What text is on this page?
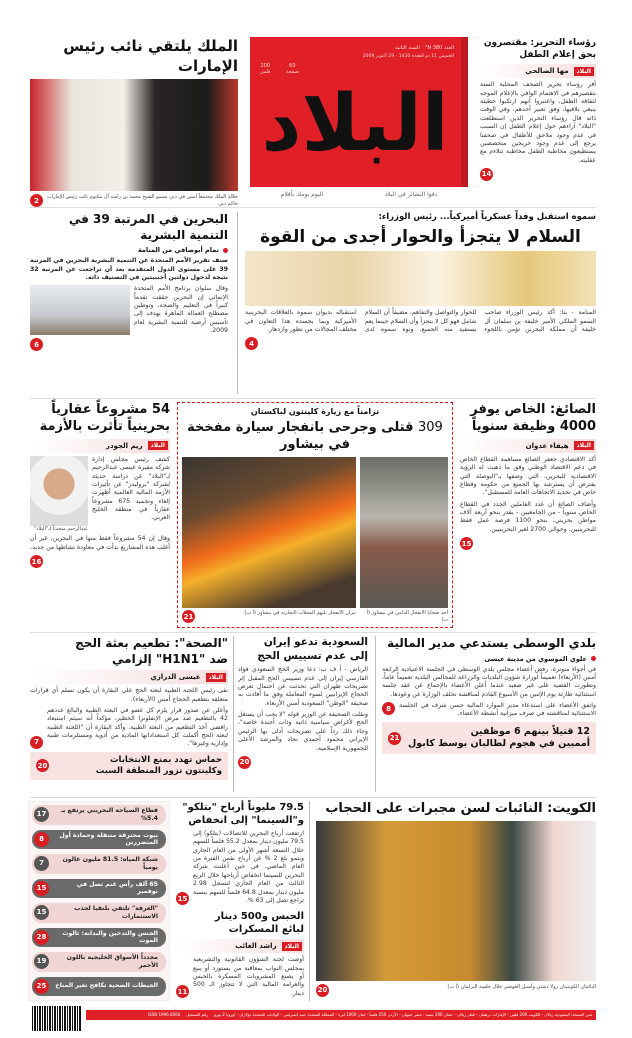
الملك يلتقي نائب رئيس الإمارات
جلالة الملك مجتمعاً أمس في دبي بسمو الشيخ محمد بن راشد آل مكتوم نائب رئيس الإمارات حاكم دبي
2
العدد 380 N°
السنة الثانية
الخميس 11 ذو القعدة 1430 - 29 أكتوبر 2009
60
صفحة
200
فلس
البلاد
دقوا البشائر في البلاد
اليوم يومك بأقلام
رؤساء التحرير: مقتصرون
بحق إعلام الطفل
البلاد
مها الصالحي
أقر رؤساء تحرير الصحف المحلية الستة بتقصيرهم في الاهتمام الوافي بالإعلام الموجه لثقافة الطفل، واعتبروا أنهم ارتكبوا خطيئة ينبغي تلافيها، وفق تعبير أحدهم. وفي الوقت ذاته قال رؤساء التحرير الذين استطلعت "البلاد" آراءهم حول إعلام الطفل إن السبب في عدم وجود ملاحق للأطفال في صحفنا يرجع إلى عدم وجود خريجين متخصصين يستطيعون مخاطبة الطفل مخاطبة تتلاءم مع عقليته.
14
البحرين في المرتبة 39 في التنمية البشرية
تمام أبوصافي من المنامة
صنف تقرير الأمم المتحدة عن التنمية البشرية البحرين في المرتبة 39 على مستوى الدول المتقدمة بعد أن تراجعت عن المرتبة 32 نتيجة لدخول دولتين أجنبيتين في التصنيف ذاته.
وقال سلوان برنامج الأمم المتحدة الإنمائي إن البحرين حققت تقدماً كبيراً في التعليم والصحة، وتوطين مصطلح العمالة الماهرة يهدف إلى تأسيس أرضية للتنمية البشرية لعام 2009.
6
سموه استقبل وفداً عسكرياً أميركياً... رئيس الوزراء:
السلام لا يتجزأ والحوار أجدى من القوة
المنامة - بنا: أكد رئيس الوزراء صاحب السمو الملكي الأمير خليفة بن سلمان آل خليفة أن مملكة البحرين تؤمن باللجوء للحوار والتواصل والتفاهم، مضيفاً أن السلام شامل فهو كل لا يتجزأ وأن السلام حينما يعم يستفيد منه الجميع. ونوه سموه لدى استقباله بديوان سموه بالعلاقات البحرينية الأميركية وبما يجسده هذا التعاون في مختلف المجالات من تطور وازدهار.
4
54 مشروعاً عقارياً بحرينياً تأثرت بالأزمة
البلاد
ريم الجودر
كشف رئيس مجلس إدارة شركة مقيرة عيسى عبدالرحيم لـ"البلاد" عن دراسة حديثة لشركة "بروليدز" عن تأثيرات الأزمة المالية العالمية أظهرت إلغاء وتجميد 675 مشروعاً عقارياً في منطقة الخليج العربي.
عبدالرحيم متحدثاً لـ"البلاد"
وقال إن 54 مشروعاً فقط منها في البحرين، غير أن أغلب هذه المشاريع بدأت في معاودة نشاطها من جديد.
16
تزامناً مع زيارة كلينتون لباكستان
309 قتلى وجرحى بانفجار سيارة مفخخة في بيشاور
أحد ضحايا الانفجار الدامي في بيشاور (أ ب)
نيران الانفجار تلتهم المحلات التجارية في بيشاور (أ ب)
21
الصائغ: الخاص يوفر
4000 وظيفة سنوياً
البلاد
هيفاء عدوان
أكد الاقتصادي جعفر الصائغ مساهمة القطاع الخاص في دعم الاقتصاد الوطني وفق ما ذهبت له الرؤية الاقتصادية للبحرين، التي وصفها بـ"البوصلة التي يفترض أن يسترشد بها الجميع من حكومة وقطاع خاص في تحديد الاتجاهات العامة للمستقبل".
وأضاف الصائغ أن عدد العاملين الجدد في القطاع الخاص سنوياً - من الجامعيين - يقدر بنحو أربعة آلاف مواطن بحريني، بنحو 1100 فرصة عمل فقط للبحرينيين، وحوالي 2700 لغير البحرينيين.
15
بلدي الوسطى يستدعي مدير المالية
علوي الموسوي من مدينة عيسى
في أجواء متوترة، رفض أعضاء مجلس بلدي الوسطى في الجلسة الاعتيادية الرابعة أمس (الأربعاء) تعميماً لوزارة شؤون البلديات والزراعة للمجالس البلدية تعميماً عاماً، وتطورت القضية على غير صعيد عندما أعلن الأعضاء بالإجماع عن عقد جلسة استثنائية طارئة يوم الإثنين من الأسبوع القادم لمناقشة تخلف الوزارة عن وعودها.
واتفق الأعضاء على استدعاء مدير الموارد المالية حسن شرف في الجلسة الاستثنائية لمناقشته في صرف ميزانية أنشطة الأعضاء.
8
12 قتيلاً بينهم 6 موظفين
أمميين في هجوم لطالبان بوسط كابول
21
السعودية تدعو إيران
إلى عدم تسييس الحج
الرياض - أ ف ب: دعا وزير الحج السعودي فؤاد الفارسي إيران إلى عدم تسييس الحج المقبل إثر تصريحات طهران التي تحدثت عن احتمال تعرض الحجاج الإيرانيين لسوء المعاملة وفق ما أفادت به صحيفة "الوطن" السعودية أمس الأربعاء.
ونقلت الصحيفة عن الوزير قوله "لا يجب أن يستغل الحج لأغراض سياسية ذاتية وذات أجندة خاصة"، وجاء ذلك رداً على تصريحات أدلى بها الرئيس الإيراني محمود أحمدي نجاد والمرشد الأعلى للجمهورية الإسلامية.
20
"الصحة": تطعيم بعثة الحج
ضد "H1N1" إلزامي
البلاد
عيسى الدرازي
نفى رئيس اللجنة الطبية لبعثة الحج علي البقارة أن يكون تسلم أي قرارات متعلقة بتطعيم الحجاج أمس (الأربعاء).
وأعلن عن صدور قرار يلزم كل عضو في البعثة الطبية والبالغ عددهم 42 بالتطعيم ضد مرض الإنفلونزا الخطير، مؤكداً أنه سيتم استبعاد رافضي أخذ التطعيم من البعثة الطبية. وأكد البقارة أن "اللجنة الطبية لبعثة الحج أكملت كل استعداداتها المادية من أدوية ومستلزمات طبية وإدارية وغيرها".
7
حماس تهدد بمنع الانتخابات
وكلينتون تزور المنطقة السبت
20
الكويت: النائبات لسن مجبرات على الحجاب
النائبتان الكويتيتان رولا دشتي وأسيل العوضي خلال جلسة البرلمان (أ ب)
20
79.5 مليوناً أرباح "بتلكو"
و"السينما" إلى انخفاض
ارتفعت أرباح البحرين للاتصالات (بتلكو) إلى 79.5 مليون دينار بمعدل 55.2 فلساً للسهم خلال التسعة أشهر الأولى من العام الجاري وبنمو بلغ 2 % عن أرباح نفس الفترة من العام الماضي. في حين أعلنت شركة البحرين للسينما انخفاض أرباحها خلال الربع الثالث من العام الجاري لتسجل 2.98 مليون دينار بمعدل 64.8 فلساً للسهم بنسبة تراجع تصل إلى 63 %.
15
الحبس و500 دينار
لبائع المسكرات
البلاد
راشد الغائب
أوصت لجنة الشؤون القانونية والتشريعية بمجلس النواب بمعاقبة من يستورد أو يبيع أو يصنع المشروبات المسكرة بالحبس والغرامة المالية التي لا تتجاوز الـ 500 دينار.
11
قطاع السياحة البحريني يرتفع بـ 5.4%
17
بيوت محترقة متنقلة وحمادة أول المتضررين
8
شبكة المياه: 81.5 مليون غالون يومياً
7
65 ألف رأس غنم تصل في نوفمبر
15
"الغرفة" تلتقي بلتقيا لجذب الاستثمارات
15
الجنس والتدخين والبدانة: ثالوث الموت
28
مجدداً الأسواق الخليجية باللون الأحمر
19
الحيطات الصحية تكافح تغير المناخ
25
ثمن النسخة: السعودية ريالان - الكويت 200 فلس - الإمارات درهمان - قطر ريالان - عمان 200 بيسة - مصر جنيهان - الأردن 250 فلساً - لبنان 1000 ليرة - المملكة المتحدة جنيه استرليني - الولايات المتحدة دولاران - أوروبا 2 يورو
رقم التسجيل
ISSN 1996-8566
